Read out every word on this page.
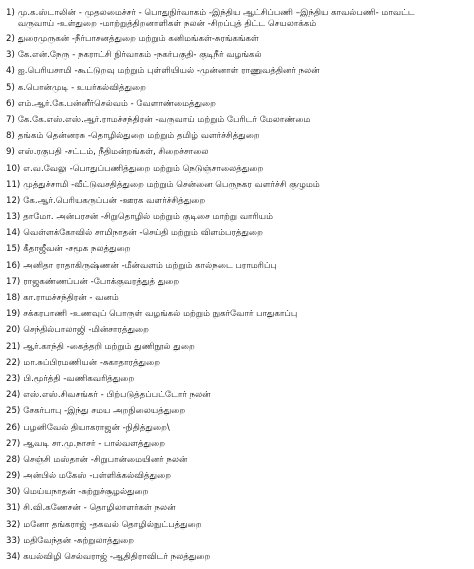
1)
மு.க.ஸ்டாலின் - முதலமைச்சர் - பொதுநிர்வாகம் -இந்திய ஆட்சிப்பணி –இந்திய காவல்பணி- மாவட்ட வருவாய் -உள்துறை -மாற்றுத்திறனாளிகள் நலன் -சிறப்புத் திட்ட செயலாக்கம்
2)
துரைமுருகன் -நீர்பாசனத்துறை மற்றும் கனிமங்கள்-சுரங்கங்கள்
3)
கே.என்.நேரு - நகராட்சி நிர்வாகம் -நகர்பகுதி- குடிநீர் வழங்கல்
4)
ஐ.பெரியசாமி -கூட்டுறவு மற்றும் புள்ளியியல் -முன்னாள் ராணுவத்தினர் நலன்
5)
க.பொன்முடி - உயர்கல்வித்துறை
6)
எம்.ஆர்.கே.பன்னீர்செல்வம் - வேளாண்மைத்துறை
7)
கே.கே.எஸ்.எஸ்.ஆர்.ராமச்சந்திரன் -வருவாய் மற்றும் பேரிடர் மேலாண்மை
8)
தங்கம் தென்னரசு -தொழில்துறை மற்றும் தமிழ் வளர்ச்சித்துறை
9)
எஸ்.ரகுபதி -சட்டம், நீதிமன்றங்கள், சிறைச்சாலை
10)
எ.வ.வேலு -பொதுப்பணித்துறை மற்றும் நெடுஞ்சாலைத்துறை
11)
முத்துச்சாமி -வீட்டுவசதித்துறை மற்றும் சென்னை பெருநகர வளர்ச்சி குழுமம்
12)
கே.ஆர்.பெரியகருப்பன் -ஊரக வளர்ச்சித்துறை
13)
தாமோ. அன்பரசன் -சிறுதொழில் மற்றும் குடிசை மாற்று வாரியம்
14)
வெள்ளக்கோவில் சாமிநாதன் -செய்தி மற்றும் விளம்பரத்துறை
15)
கீதாஜீவன் -சமூக நலத்துறை
16)
அனிதா ராதாகிருஷ்ணன் -மீன்வளம் மற்றும் கால்நடை பராமரிப்பு
17)
ராஜகண்ணப்பன் -போக்குவரத்துத் துறை
18)
கா.ராமச்சந்திரன் - வனம்
19)
சக்கரபாணி -உணவுப் பொருள் வழங்கல் மற்றும் நுகர்வோர் பாதுகாப்பு
20)
செந்தில்பாலாஜி -மின்சாரத்துறை
21)
ஆர்.காந்தி -கைத்தறி மற்றும் துணிநூல் துறை
22)
மா.சுப்பிரமணியன் -சுகாதாரத்துறை
23)
பி.மூர்த்தி -வணிகவரித்துறை
24)
எஸ்.எஸ்.சிவசங்கர் - பிற்படுத்தப்பட்டோர் நலன்
25)
சேகர்பாபு -இந்து சமய அறநிலையத்துறை
26)
பழனிவேல் தியாகராஜன் -நிதித்துறை\
27)
ஆவடி சா.மு.நாசர் - பால்வளத்துறை
28)
செஞ்சி மஸ்தான் -சிறுபான்மையினர் நலன்
29)
அன்பில் மகேஸ் -பள்ளிக்கல்வித்துறை
30)
மெய்யநாதன் -சுற்றுச்சூழல்துறை
31)
சி.வி.கணேசன் - தொழிலாளர்கள் நலன்
32)
மனோ தங்கராஜ் -தகவல் தொழில்நுட்பத்துறை
33)
மதிவேந்தன் -சுற்றுலாத்துறை
34)
கயல்விழி செல்வராஜ் -ஆதிதிராவிடர் நலத்துறை
